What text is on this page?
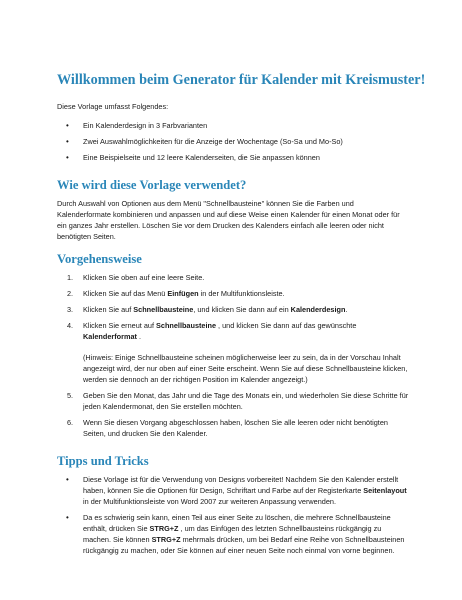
Willkommen beim Generator für Kalender mit Kreismuster!

Diese Vorlage umfasst Folgendes:

• Ein Kalenderdesign in 3 Farbvarianten
• Zwei Auswahlmöglichkeiten für die Anzeige der Wochentage (So-Sa und Mo-So)
• Eine Beispielseite und 12 leere Kalenderseiten, die Sie anpassen können
Wie wird diese Vorlage verwendet?

Durch Auswahl von Optionen aus dem Menü "Schnellbausteine" können Sie die Farben und Kalenderformate kombinieren und anpassen und auf diese Weise einen Kalender für einen Monat oder für ein ganzes Jahr erstellen. Löschen Sie vor dem Drucken des Kalenders einfach alle leeren oder nicht benötigten Seiten.

Vorgehensweise
1. Klicken Sie oben auf eine leere Seite.
2. Klicken Sie auf das Menü Einfügen in der Multifunktionsleiste.
3. Klicken Sie auf Schnellbausteine, und klicken Sie dann auf ein Kalenderdesign.
4. Klicken Sie erneut auf Schnellbausteine , und klicken Sie dann auf das gewünschte Kalenderformat .
(Hinweis: Einige Schnellbausteine scheinen möglicherweise leer zu sein, da in der Vorschau Inhalt angezeigt wird, der nur oben auf einer Seite erscheint. Wenn Sie auf diese Schnellbausteine klicken, werden sie dennoch an der richtigen Position im Kalender angezeigt.)
5. Geben Sie den Monat, das Jahr und die Tage des Monats ein, und wiederholen Sie diese Schritte für jeden Kalendermonat, den Sie erstellen möchten.
6. Wenn Sie diesen Vorgang abgeschlossen haben, löschen Sie alle leeren oder nicht benötigten Seiten, und drucken Sie den Kalender.
Tipps und Tricks
• Diese Vorlage ist für die Verwendung von Designs vorbereitet! Nachdem Sie den Kalender erstellt haben, können Sie die Optionen für Design, Schriftart und Farbe auf der Registerkarte Seitenlayout in der Multifunktionsleiste von Word 2007 zur weiteren Anpassung verwenden.
• Da es schwierig sein kann, einen Teil aus einer Seite zu löschen, die mehrere Schnellbausteine enthält, drücken Sie STRG+Z , um das Einfügen des letzten Schnellbausteins rückgängig zu machen. Sie können STRG+Z mehrmals drücken, um bei Bedarf eine Reihe von Schnellbausteinen rückgängig zu machen, oder Sie können auf einer neuen Seite noch einmal von vorne beginnen.
